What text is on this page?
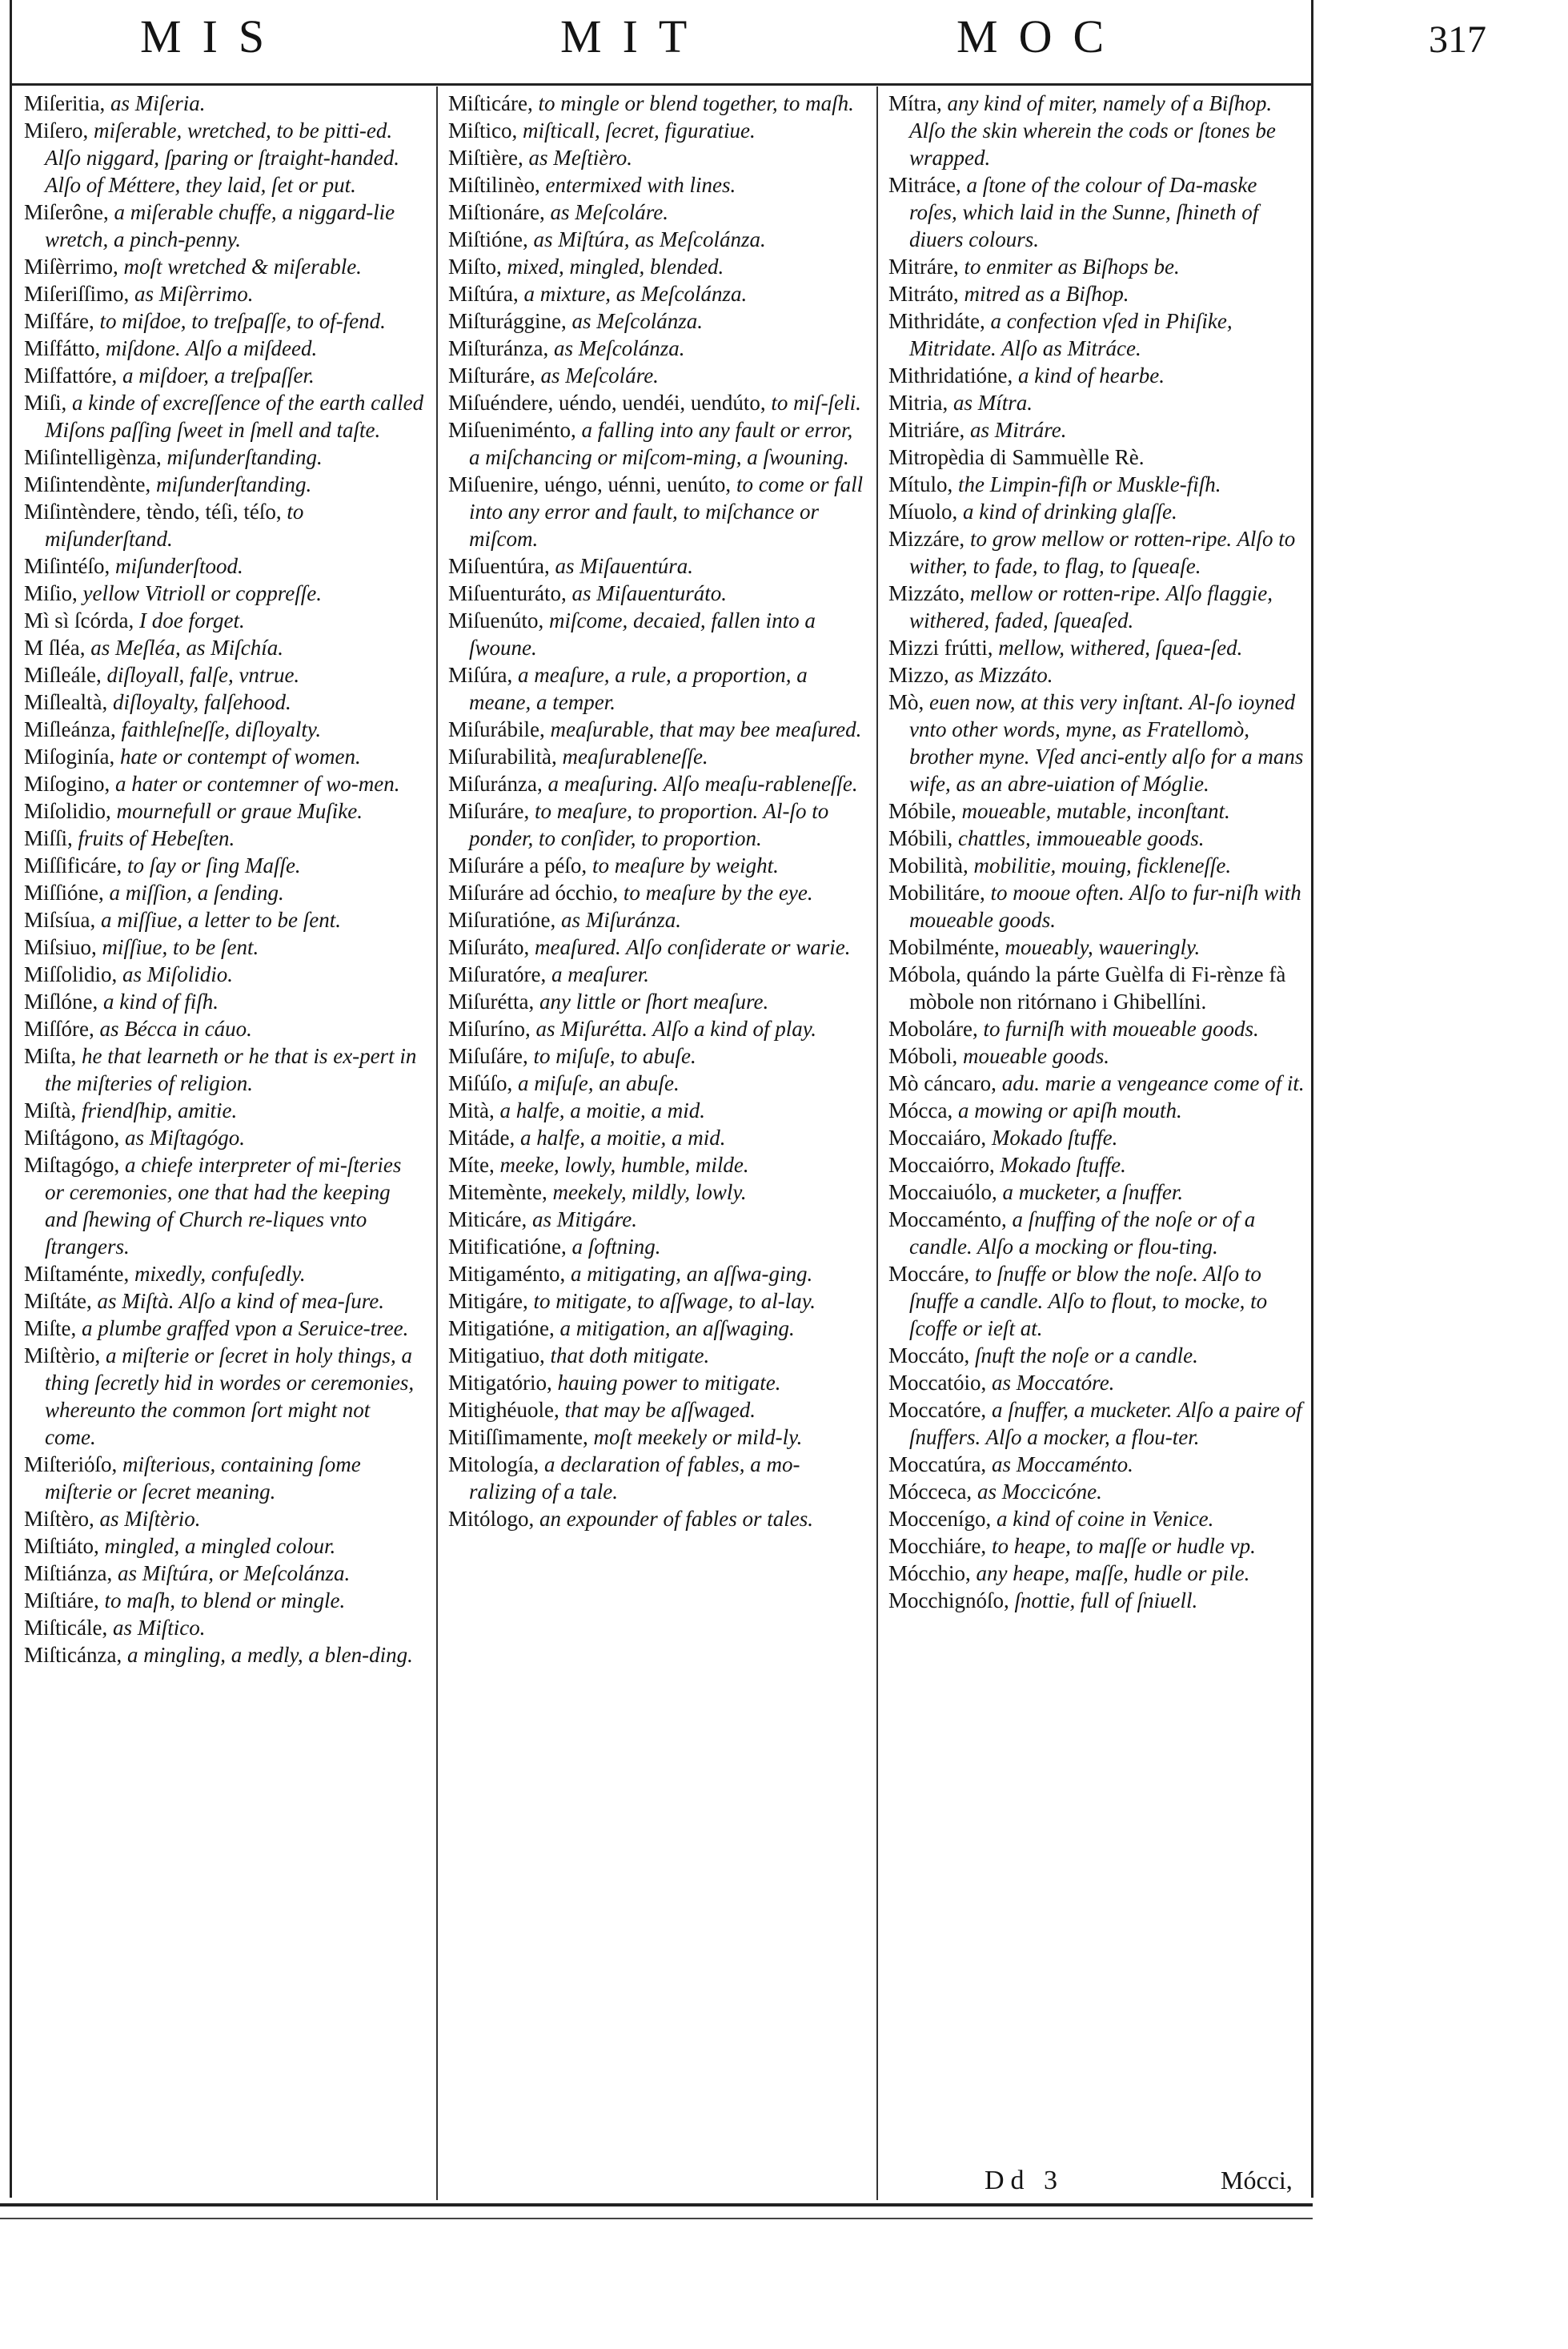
MIS	MIT	MOC	317

Miſeritia, as Miſeria.

Miſero, miſerable, wretched, to be pitti-ed. Alſo niggard, ſparing or ſtraight-handed. Alſo of Méttere, they laid, ſet or put.

Miſerône, a miſerable chuffe, a niggard-lie wretch, a pinch-penny.

Miſèrrimo, moſt wretched & miſerable.

Miſeriſſimo, as Miſèrrimo.

Miſfáre, to miſdoe, to treſpaſſe, to of-fend.

Miſfátto, miſdone. Alſo a miſdeed.

Miſfattóre, a miſdoer, a treſpaſſer.

Miſi, a kinde of excreſſence of the earth called Miſons paſſing ſweet in ſmell and taſte.

Miſintelligènza, miſunderſtanding.

Miſintendènte, miſunderſtanding.

Miſintèndere, tèndo, téſi, téſo, to miſunderſtand.

Miſintéſo, miſunderſtood.

Miſio, yellow Vitrioll or coppreſſe.

Mì sì ſcórda, I doe forget.

M ſléa, as Meſléa, as Miſchía.

Miſleále, diſloyall, falſe, vntrue.

Miſlealtà, diſloyalty, falſehood.

Miſleánza, faithleſneſſe, diſloyalty.

Miſoginía, hate or contempt of women.

Miſogino, a hater or contemner of wo-men.

Miſolidio, mournefull or graue Muſike.

Miſſi, fruits of Hebeſten.

Miſſificáre, to ſay or ſing Maſſe.

Miſſióne, a miſſion, a ſending.

Miſsíua, a miſſiue, a letter to be ſent.

Miſsiuo, miſſiue, to be ſent.

Miſſolidio, as Miſolidio.

Miſlóne, a kind of fiſh.

Miſſóre, as Bécca in cáuo.

Miſta, he that learneth or he that is ex-pert in the miſteries of religion.

Miſtà, friendſhip, amitie.

Miſtágono, as Miſtagógo.

Miſtagógo, a chiefe interpreter of mi-ſteries or ceremonies, one that had the keeping and ſhewing of Church re-liques vnto ſtrangers.

Miſtaménte, mixedly, confuſedly.

Miſtáte, as Miſtà. Alſo a kind of mea-ſure.

Miſte, a plumbe graffed vpon a Seruice-tree.

Miſtèrio, a miſterie or ſecret in holy things, a thing ſecretly hid in wordes or ceremonies, whereunto the common ſort might not come.

Miſteriόſo, miſterious, containing ſome miſterie or ſecret meaning.

Miſtèro, as Miſtèrio.

Miſtiáto, mingled, a mingled colour.

Miſtiánza, as Miſtúra, or Meſcolánza.

Miſtiáre, to maſh, to blend or mingle.

Miſticále, as Miſtico.

Miſticánza, a mingling, a medly, a blen-ding.

Miſticáre, to mingle or blend together, to maſh.

Miſtico, miſticall, ſecret, figuratiue.

Miſtière, as Meſtièro.

Miſtilinèo, entermixed with lines.

Miſtionáre, as Meſcoláre.

Miſtióne, as Miſtúra, as Meſcolánza.

Miſto, mixed, mingled, blended.

Miſtúra, a mixture, as Meſcolánza.

Miſturággine, as Meſcolánza.

Miſturánza, as Meſcolánza.

Miſturáre, as Meſcoláre.

Miſuéndere, uéndo, uendéi, uendúto, to miſ-ſeli.

Miſueniménto, a falling into any fault or error, a miſchancing or miſcom-ming, a ſwouning.

Miſuenire, uéngo, uénni, uenúto, to come or fall into any error and fault, to miſchance or miſcom.

Miſuentúra, as Miſauentúra.

Miſuenturáto, as Miſauenturáto.

Miſuenúto, miſcome, decaied, fallen into a ſwoune.

Miſúra, a meaſure, a rule, a proportion, a meane, a temper.

Miſurábile, meaſurable, that may bee meaſured.

Miſurabilità, meaſurableneſſe.

Miſuránza, a meaſuring. Alſo meaſu-rableneſſe.

Miſuráre, to meaſure, to proportion. Al-ſo to ponder, to conſider, to proportion.

Miſuráre a péſo, to meaſure by weight.

Miſuráre ad ócchio, to meaſure by the eye.

Miſuratióne, as Miſuránza.

Miſuráto, meaſured. Alſo conſiderate or warie.

Miſuratóre, a meaſurer.

Miſurétta, any little or ſhort meaſure.

Miſuríno, as Miſurétta. Alſo a kind of play.

Miſuſáre, to miſuſe, to abuſe.

Miſúſo, a miſuſe, an abuſe.

Mità, a halfe, a moitie, a mid.

Mitáde, a halfe, a moitie, a mid.

Míte, meeke, lowly, humble, milde.

Mitemènte, meekely, mildly, lowly.

Miticáre, as Mitigáre.

Mitificatióne, a ſoftning.

Mitigaménto, a mitigating, an aſſwa-ging.

Mitigáre, to mitigate, to aſſwage, to al-lay.

Mitigatióne, a mitigation, an aſſwaging.

Mitigatiuo, that doth mitigate.

Mitigatório, hauing power to mitigate.

Mitighéuole, that may be aſſwaged.

Mitiſſimamente, moſt meekely or mild-ly.

Mitología, a declaration of fables, a mo-ralizing of a tale.

Mitólogo, an expounder of fables or tales.

Mítra, any kind of miter, namely of a Biſhop. Alſo the skin wherein the cods or ſtones be wrapped.

Mitráce, a ſtone of the colour of Da-maske roſes, which laid in the Sunne, ſhineth of diuers colours.

Mitráre, to enmiter as Biſhops be.

Mitráto, mitred as a Biſhop.

Mithridáte, a confection vſed in Phiſike, Mitridate. Alſo as Mitráce.

Mithridatióne, a kind of hearbe.

Mitria, as Mítra.

Mitriáre, as Mitráre.

Mitropèdia di Sammuèlle Rè.

Mítulo, the Limpin-fiſh or Muskle-fiſh.

Míuolo, a kind of drinking glaſſe.

Mizzáre, to grow mellow or rotten-ripe. Alſo to wither, to fade, to flag, to ſqueaſe.

Mizzáto, mellow or rotten-ripe. Alſo flaggie, withered, faded, ſqueaſed.

Mizzi frútti, mellow, withered, ſquea-ſed.

Mizzo, as Mizzáto.

Mò, euen now, at this very inſtant. Al-ſo ioyned vnto other words, myne, as Fratellomò, brother myne. Vſed anci-ently alſo for a mans wife, as an abre-uiation of Móglie.

Móbile, moueable, mutable, inconſtant.

Móbili, chattles, immoueable goods.

Mobilità, mobilitie, mouing, fickleneſſe.

Mobilitáre, to mooue often. Alſo to fur-niſh with moueable goods.

Mobilménte, moueably, waueringly.

Móbola, quándo la párte Guèlfa di Fi-rènze fà mòbole non ritórnano i Ghibellíni.

Moboláre, to furniſh with moueable goods.

Móboli, moueable goods.

Mò cáncaro, adu. marie a vengeance come of it.

Mócca, a mowing or apiſh mouth.

Moccaiáro, Mokado ſtuffe.

Moccaiórro, Mokado ſtuffe.

Moccaiuólo, a mucketer, a ſnuffer.

Moccaménto, a ſnuffing of the noſe or of a candle. Alſo a mocking or flou-ting.

Moccáre, to ſnuffe or blow the noſe. Alſo to ſnuffe a candle. Alſo to flout, to mocke, to ſcoffe or ieſt at.

Moccáto, ſnuft the noſe or a candle.

Moccatóio, as Moccatóre.

Moccatóre, a ſnuffer, a mucketer. Alſo a paire of ſnuffers. Alſo a mocker, a flou-ter.

Moccatúra, as Moccaménto.

Móccecа, as Moccicóne.

Moccenígo, a kind of coine in Venice.

Mocchiáre, to heape, to maſſe or hudle vp.

Mócchio, any heape, maſſe, hudle or pile.

Mocchignóſo, ſnottie, full of ſniuell.

Dd 3	Mócci,
